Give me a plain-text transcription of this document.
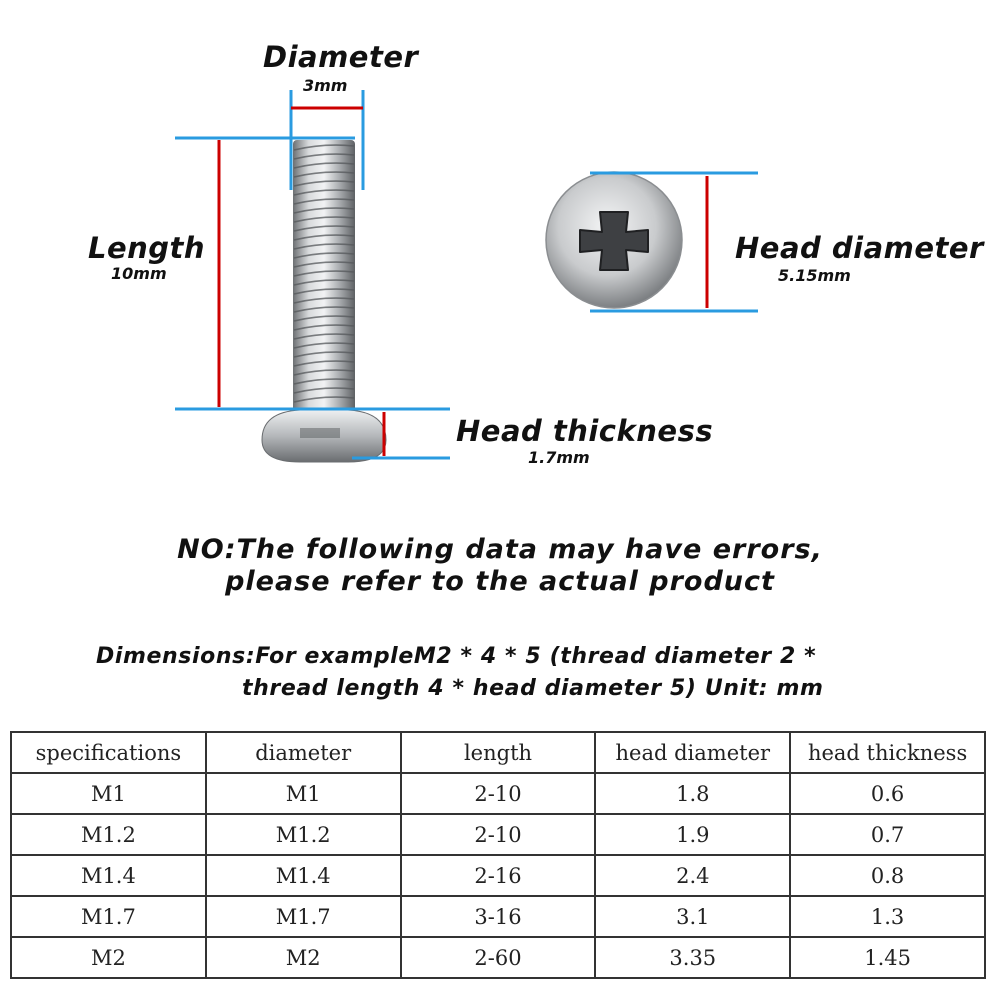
Diameter
3mm
Length
10mm
Head thickness
1.7mm
Head diameter
5.15mm
NO:The following data may have errors,
please refer to the actual product
Dimensions:For exampleM2 * 4 * 5 (thread diameter 2 *
thread length 4 * head diameter 5) Unit: mm
specifications	diameter	length	head diameter	head thickness
M1	M1	2-10	1.8	0.6
M1.2	M1.2	2-10	1.9	0.7
M1.4	M1.4	2-16	2.4	0.8
M1.7	M1.7	3-16	3.1	1.3
M2	M2	2-60	3.35	1.45
